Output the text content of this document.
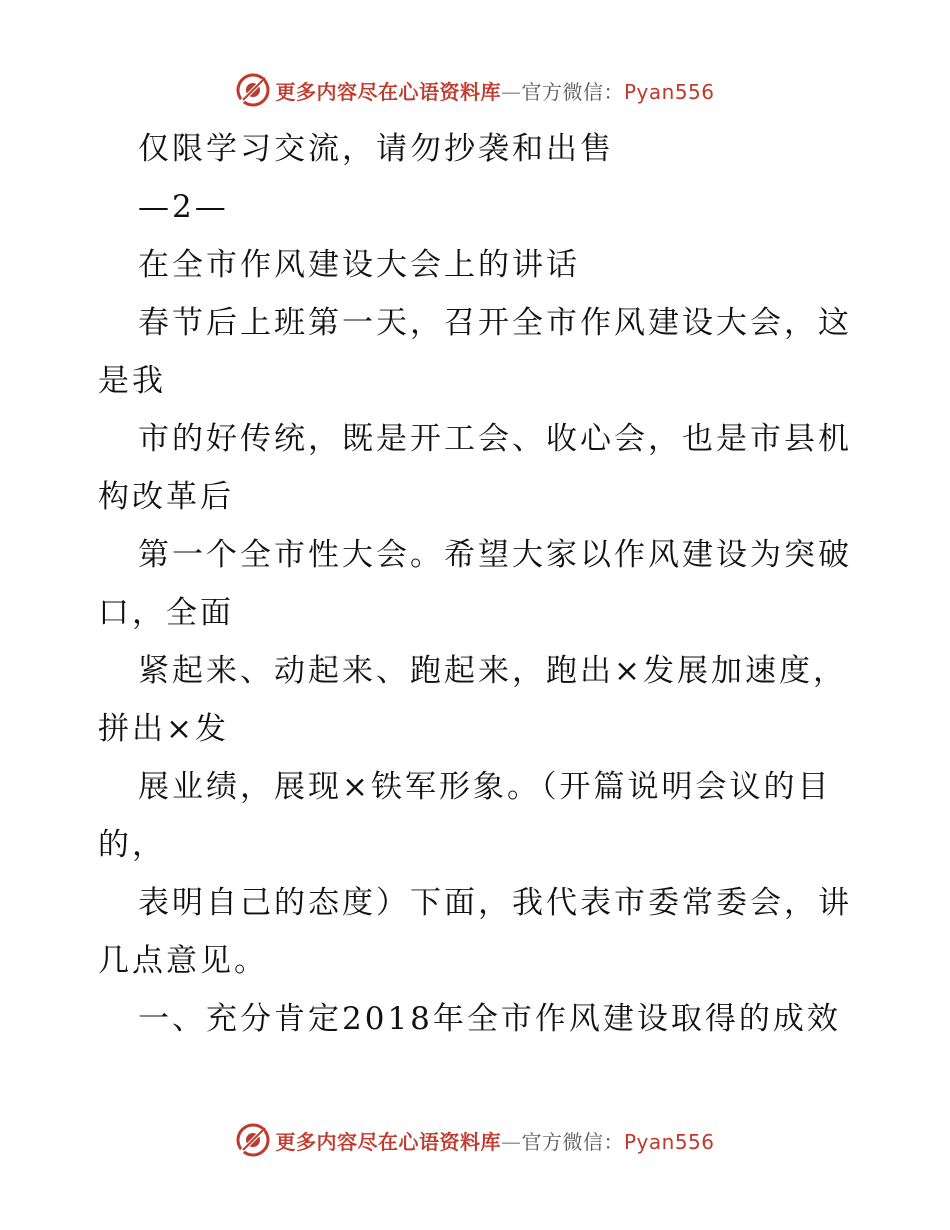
更多内容尽在心语资料库—官方微信：Pyan556
仅限学习交流，请勿抄袭和出售
—2—
在全市作风建设大会上的讲话
春节后上班第一天，召开全市作风建设大会，这
是我
市的好传统，既是开工会、收心会，也是市县机
构改革后
第一个全市性大会。希望大家以作风建设为突破
口，全面
紧起来、动起来、跑起来，跑出×发展加速度，
拼出×发
展业绩，展现×铁军形象。（开篇说明会议的目
的，
表明自己的态度）下面，我代表市委常委会，讲
几点意见。
一、充分肯定2018年全市作风建设取得的成效
更多内容尽在心语资料库—官方微信：Pyan556
